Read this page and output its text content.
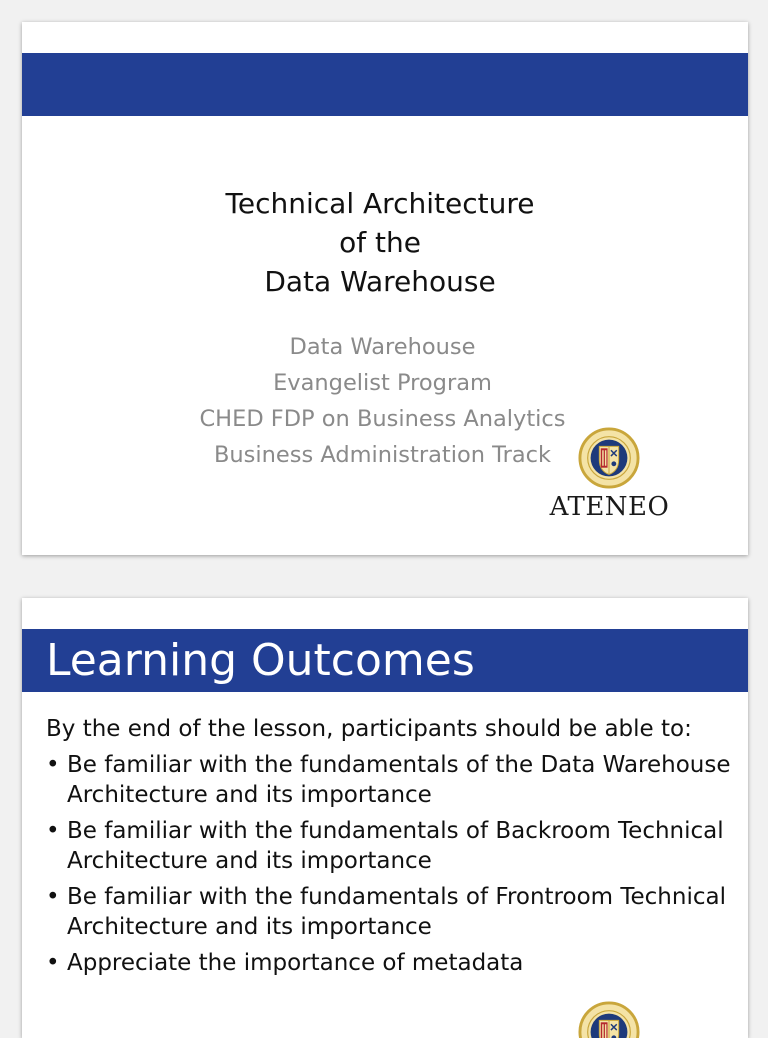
Technical Architecture
of the
Data Warehouse
Data Warehouse
Evangelist Program
CHED FDP on Business Analytics
Business Administration Track
ATENEO
Learning Outcomes
By the end of the lesson, participants should be able to:
• Be familiar with the fundamentals of the Data Warehouse Architecture and its importance
• Be familiar with the fundamentals of Backroom Technical Architecture and its importance
• Be familiar with the fundamentals of Frontroom Technical Architecture and its importance
• Appreciate the importance of metadata
